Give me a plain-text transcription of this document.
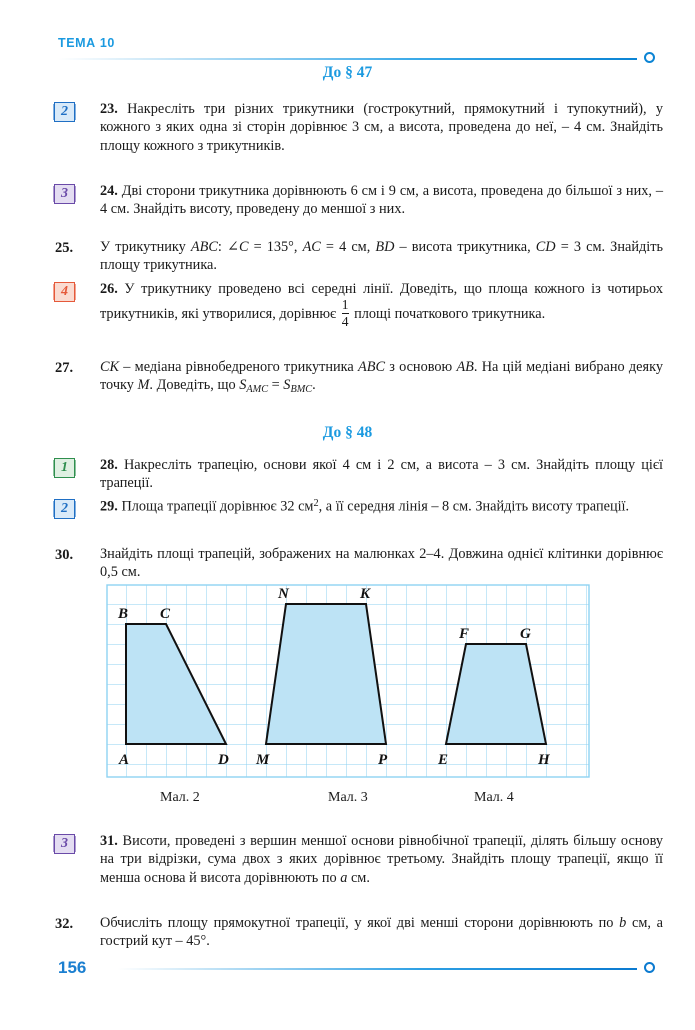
ТЕМА 10
До § 47
2	23. Накресліть три різних трикутники (гострокутний, прямокутний і тупокутний), у кожного з яких одна зі сторін дорівнює 3 см, а висота, проведена до неї, – 4 см. Знайдіть площу кожного з трикутників.
3	24. Дві сторони трикутника дорівнюють 6 см і 9 см, а висота, проведена до більшої з них, – 4 см. Знайдіть висоту, проведену до меншої з них.
25.	У трикутнику ABC: ∠C = 135°, AC = 4 см, BD – висота трикутника, CD = 3 см. Знайдіть площу трикутника.
4	26. У трикутнику проведено всі середні лінії. Доведіть, що площа кожного із чотирьох трикутників, які утворилися, дорівнює $\frac{1}{4}$ площі початкового трикутника.
27.	CK – медіана рівнобедреного трикутника ABC з основою AB. На цій медіані вибрано деяку точку M. Доведіть, що $S_{AMC} = S_{BMC}$.
До § 48
1	28. Накресліть трапецію, основи якої 4 см і 2 см, а висота – 3 см. Знайдіть площу цієї трапеції.
2	29. Площа трапеції дорівнює 32 $см^2$, а її середня лінія – 8 см. Знайдіть висоту трапеції.
30.	Знайдіть площі трапецій, зображених на малюнках 2–4. Довжина однієї клітинки дорівнює 0,5 см.
B C
A	D
N	K
M	P
F	G
E	H
Мал. 2	Мал. 3	Мал. 4
3	31. Висоти, проведені з вершин меншої основи рівнобічної трапеції, ділять більшу основу на три відрізки, сума двох з яких дорівнює третьому. Знайдіть площу трапеції, якщо її менша основа й висота дорівнюють по a см.
32.	Обчисліть площу прямокутної трапеції, у якої дві менші сторони дорівнюють по b см, а гострий кут – 45°.
156
